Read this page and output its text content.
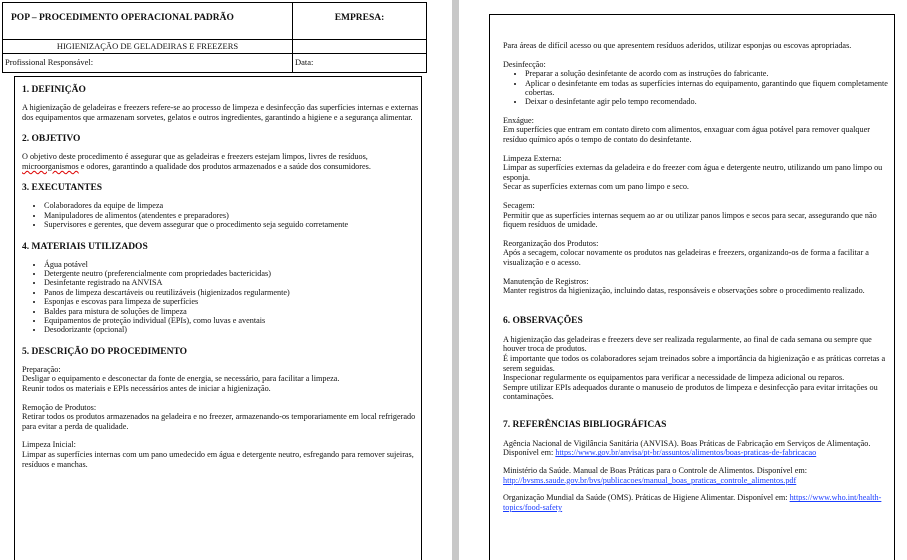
POP – PROCEDIMENTO OPERACIONAL PADRÃO	EMPRESA:
HIGIENIZAÇÃO DE GELADEIRAS E FREEZERS
Profissional Responsável:	Data:
1. DEFINIÇÃO

A higienização de geladeiras e freezers refere-se ao processo de limpeza e desinfecção das superfícies internas e externas dos equipamentos que armazenam sorvetes, gelatos e outros ingredientes, garantindo a higiene e a segurança alimentar.

2. OBJETIVO

O objetivo deste procedimento é assegurar que as geladeiras e freezers estejam limpos, livres de resíduos,
microorganismos e odores, garantindo a qualidade dos produtos armazenados e a saúde dos consumidores.

3. EXECUTANTES
• Colaboradores da equipe de limpeza
• Manipuladores de alimentos (atendentes e preparadores)
• Supervisores e gerentes, que devem assegurar que o procedimento seja seguido corretamente
4. MATERIAIS UTILIZADOS
• Água potável
• Detergente neutro (preferencialmente com propriedades bactericidas)
• Desinfetante registrado na ANVISA
• Panos de limpeza descartáveis ou reutilizáveis (higienizados regularmente)
• Esponjas e escovas para limpeza de superfícies
• Baldes para mistura de soluções de limpeza
• Equipamentos de proteção individual (EPIs), como luvas e aventais
• Desodorizante (opcional)
5. DESCRIÇÃO DO PROCEDIMENTO

Preparação:

Desligar o equipamento e desconectar da fonte de energia, se necessário, para facilitar a limpeza.

Reunir todos os materiais e EPIs necessários antes de iniciar a higienização.

Remoção de Produtos:

Retirar todos os produtos armazenados na geladeira e no freezer, armazenando-os temporariamente em local refrigerado para evitar a perda de qualidade.

Limpeza Inicial:

Limpar as superfícies internas com um pano umedecido em água e detergente neutro, esfregando para remover sujeiras, resíduos e manchas.

Para áreas de difícil acesso ou que apresentem resíduos aderidos, utilizar esponjas ou escovas apropriadas.

Desinfecção:

• Preparar a solução desinfetante de acordo com as instruções do fabricante.
• Aplicar o desinfetante em todas as superfícies internas do equipamento, garantindo que fiquem completamente cobertas.
• Deixar o desinfetante agir pelo tempo recomendado.

Enxágue:

Em superfícies que entram em contato direto com alimentos, enxaguar com água potável para remover qualquer resíduo químico após o tempo de contato do desinfetante.

Limpeza Externa:

Limpar as superfícies externas da geladeira e do freezer com água e detergente neutro, utilizando um pano limpo ou esponja.

Secar as superfícies externas com um pano limpo e seco.

Secagem:

Permitir que as superfícies internas sequem ao ar ou utilizar panos limpos e secos para secar, assegurando que não fiquem resíduos de umidade.

Reorganização dos Produtos:

Após a secagem, colocar novamente os produtos nas geladeiras e freezers, organizando-os de forma a facilitar a visualização e o acesso.

Manutenção de Registros:

Manter registros da higienização, incluindo datas, responsáveis e observações sobre o procedimento realizado.

6. OBSERVAÇÕES

A higienização das geladeiras e freezers deve ser realizada regularmente, ao final de cada semana ou sempre que houver troca de produtos.

É importante que todos os colaboradores sejam treinados sobre a importância da higienização e as práticas corretas a serem seguidas.

Inspecionar regularmente os equipamentos para verificar a necessidade de limpeza adicional ou reparos.

Sempre utilizar EPIs adequados durante o manuseio de produtos de limpeza e desinfecção para evitar irritações ou contaminações.

7. REFERÊNCIAS BIBLIOGRÁFICAS

Agência Nacional de Vigilância Sanitária (ANVISA). Boas Práticas de Fabricação em Serviços de Alimentação. Disponível em: https://www.gov.br/anvisa/pt-br/assuntos/alimentos/boas-praticas-de-fabricacao

Ministério da Saúde. Manual de Boas Práticas para o Controle de Alimentos. Disponível em: http://bvsms.saude.gov.br/bvs/publicacoes/manual_boas_praticas_controle_alimentos.pdf

Organização Mundial da Saúde (OMS). Práticas de Higiene Alimentar. Disponível em: https://www.who.int/health-topics/food-safety
